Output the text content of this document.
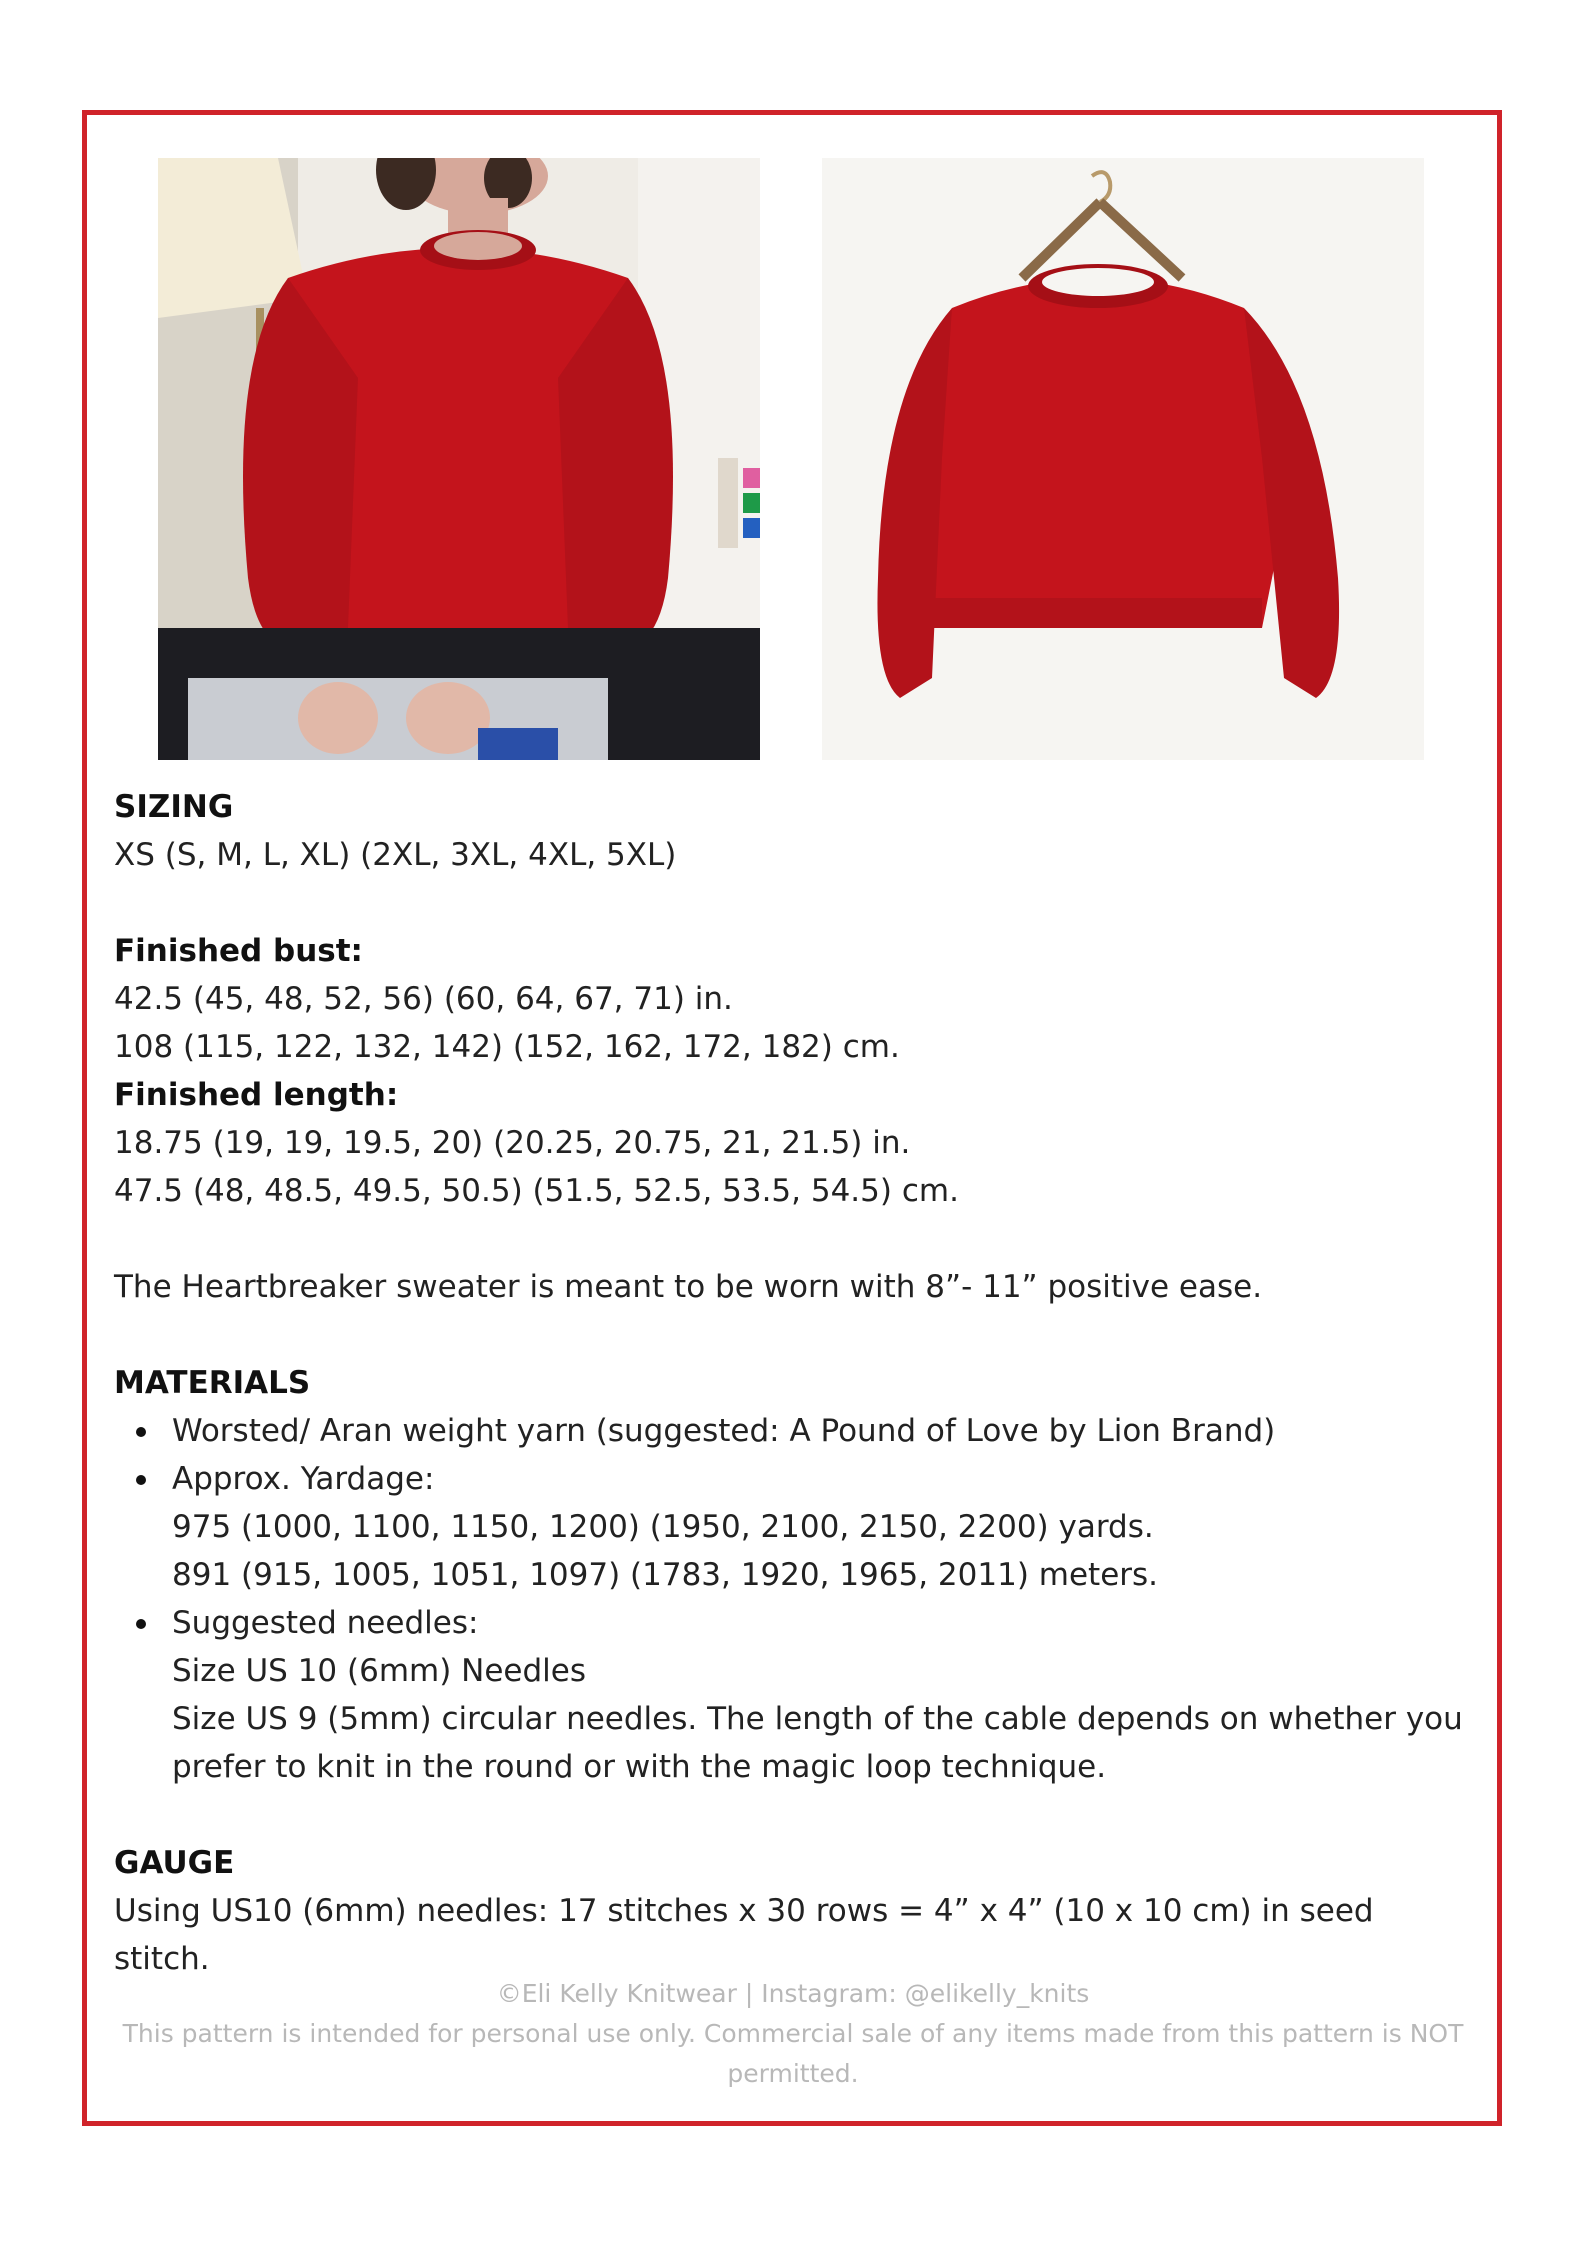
SIZING

XS (S, M, L, XL) (2XL, 3XL, 4XL, 5XL)

Finished bust:

42.5 (45, 48, 52, 56) (60, 64, 67, 71) in.

108 (115, 122, 132, 142) (152, 162, 172, 182) cm.

Finished length:

18.75 (19, 19, 19.5, 20) (20.25, 20.75, 21, 21.5) in.

47.5 (48, 48.5, 49.5, 50.5) (51.5, 52.5, 53.5, 54.5) cm.

The Heartbreaker sweater is meant to be worn with 8”- 11” positive ease.

MATERIALS
Worsted/ Aran weight yarn (suggested: A Pound of Love by Lion Brand)
Approx. Yardage:
975 (1000, 1100, 1150, 1200) (1950, 2100, 2150, 2200) yards.
891 (915, 1005, 1051, 1097) (1783, 1920, 1965, 2011) meters.
Suggested needles:
Size US 10 (6mm) Needles
Size US 9 (5mm) circular needles. The length of the cable depends on whether you prefer to knit in the round or with the magic loop technique.
GAUGE

Using US10 (6mm) needles: 17 stitches x 30 rows = 4” x 4” (10 x 10 cm) in seed stitch.

©Eli Kelly Knitwear | Instagram: @elikelly_knits
This pattern is intended for personal use only. Commercial sale of any items made from this pattern is NOT permitted.
